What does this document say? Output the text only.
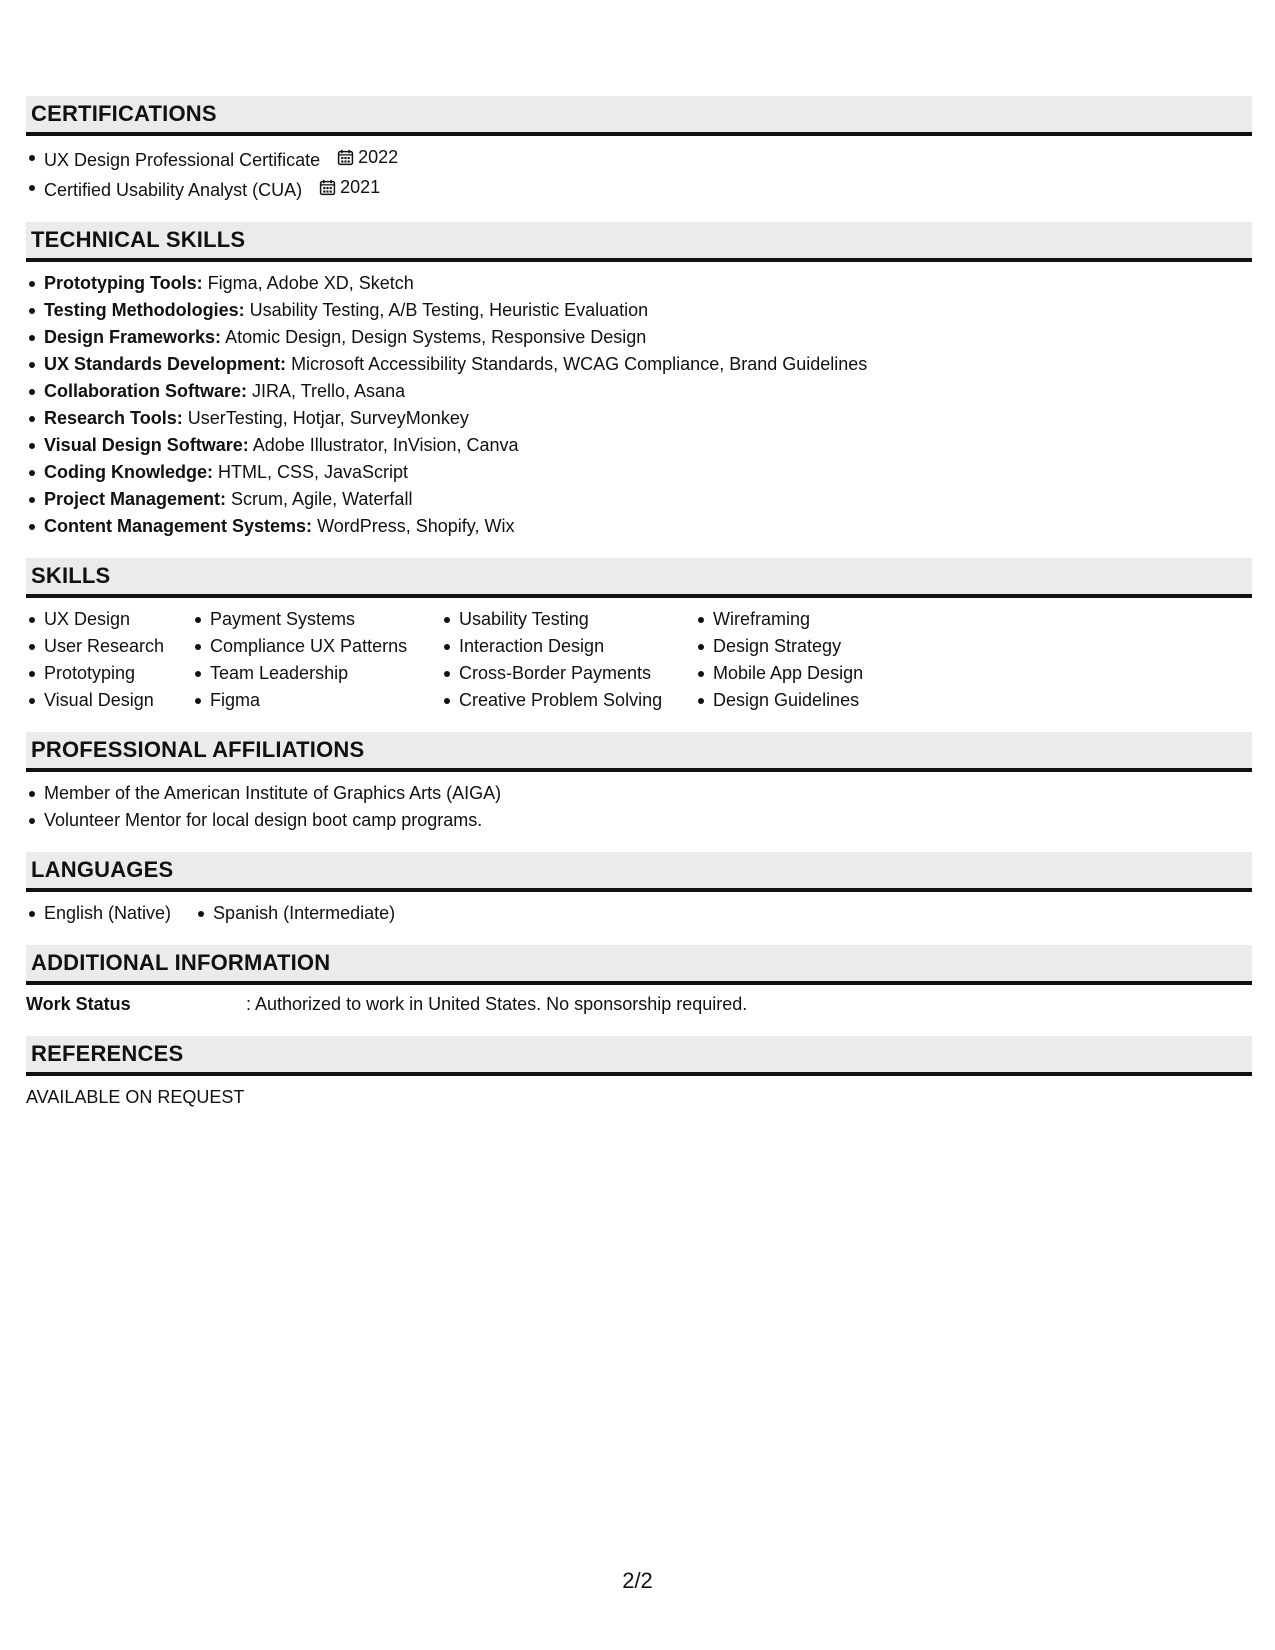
CERTIFICATIONS
UX Design Professional Certificate 2022
Certified Usability Analyst (CUA) 2021
TECHNICAL SKILLS
Prototyping Tools: Figma, Adobe XD, Sketch
Testing Methodologies: Usability Testing, A/B Testing, Heuristic Evaluation
Design Frameworks: Atomic Design, Design Systems, Responsive Design
UX Standards Development: Microsoft Accessibility Standards, WCAG Compliance, Brand Guidelines
Collaboration Software: JIRA, Trello, Asana
Research Tools: UserTesting, Hotjar, SurveyMonkey
Visual Design Software: Adobe Illustrator, InVision, Canva
Coding Knowledge: HTML, CSS, JavaScript
Project Management: Scrum, Agile, Waterfall
Content Management Systems: WordPress, Shopify, Wix
SKILLS
UX Design
User Research
Prototyping
Visual Design
Payment Systems
Compliance UX Patterns
Team Leadership
Figma
Usability Testing
Interaction Design
Cross-Border Payments
Creative Problem Solving
Wireframing
Design Strategy
Mobile App Design
Design Guidelines
PROFESSIONAL AFFILIATIONS
Member of the American Institute of Graphics Arts (AIGA)
Volunteer Mentor for local design boot camp programs.
LANGUAGES
English (Native)	Spanish (Intermediate)
ADDITIONAL INFORMATION
Work Status	: Authorized to work in United States. No sponsorship required.
REFERENCES
AVAILABLE ON REQUEST
2/2
